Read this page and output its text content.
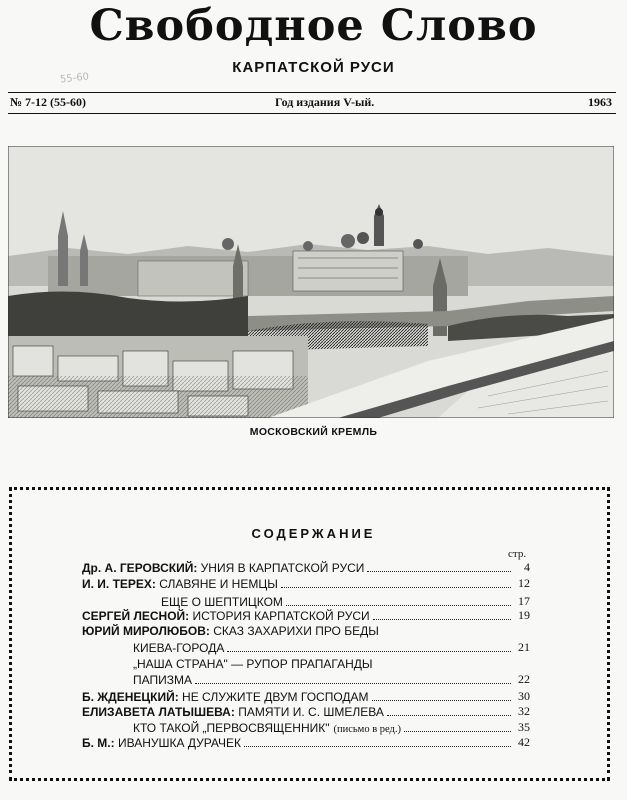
Свободное Слово
КАРПАТСКОЙ РУСИ
55-60
№ 7-12 (55-60)	Год издания V-ый.	1963
МОСКОВСКИЙ КРЕМЛЬ
СОДЕРЖАНИЕ
стр.
Др. А. ГЕРОВСКИЙ:
УНИЯ В КАРПАТСКОЙ РУСИ	4
И. И. ТЕРЕХ:
СЛАВЯНЕ И НЕМЦЫ	12
ЕЩЕ О ШЕПТИЦКОМ	17
СЕРГЕЙ ЛЕСНОЙ:
ИСТОРИЯ КАРПАТСКОЙ РУСИ	19
ЮРИЙ МИРОЛЮБОВ:
СКАЗ ЗАХАРИХИ ПРО БЕДЫ
КИЕВА-ГОРОДА	21
„НАША СТРАНА" — РУПОР ПРАПАГАНДЫ
ПАПИЗМА	22
Б. ЖДЕНЕЦКИЙ:
НЕ СЛУЖИТЕ ДВУМ ГОСПОДАМ	30
ЕЛИЗАВЕТА ЛАТЫШЕВА:
ПАМЯТИ И. С. ШМЕЛЕВА	32
КТО ТАКОЙ „ПЕРВОСВЯЩЕННИК" (письмо в ред.)	35
Б. М.:
ИВАНУШКА ДУРАЧЕК	42
